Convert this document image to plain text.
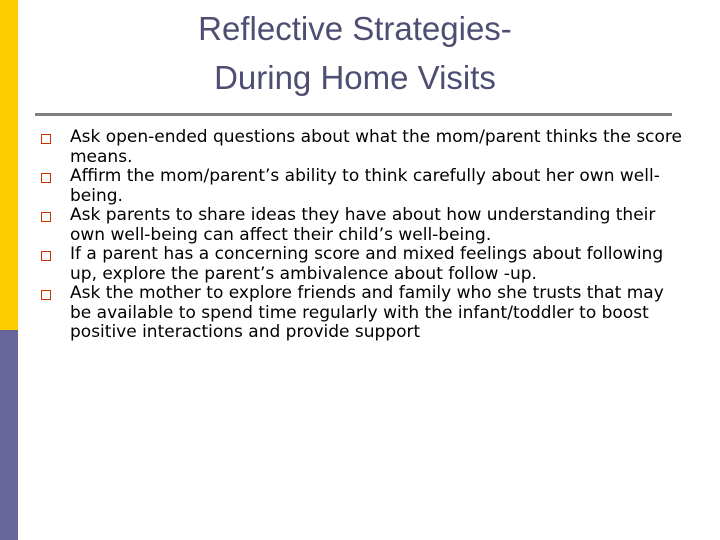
Reflective Strategies-
During Home Visits
Ask open-ended questions about what the mom/parent thinks the score means.
Affirm the mom/parent’s ability to think carefully about her own well-being.
Ask parents to share ideas they have about how understanding their own well-being can affect their child’s well-being.
If a parent has a concerning score and mixed feelings about following up, explore the parent’s ambivalence about follow -up.
Ask the mother to explore friends and family who she trusts that may be available to spend time regularly with the infant/toddler to boost positive interactions and provide support
